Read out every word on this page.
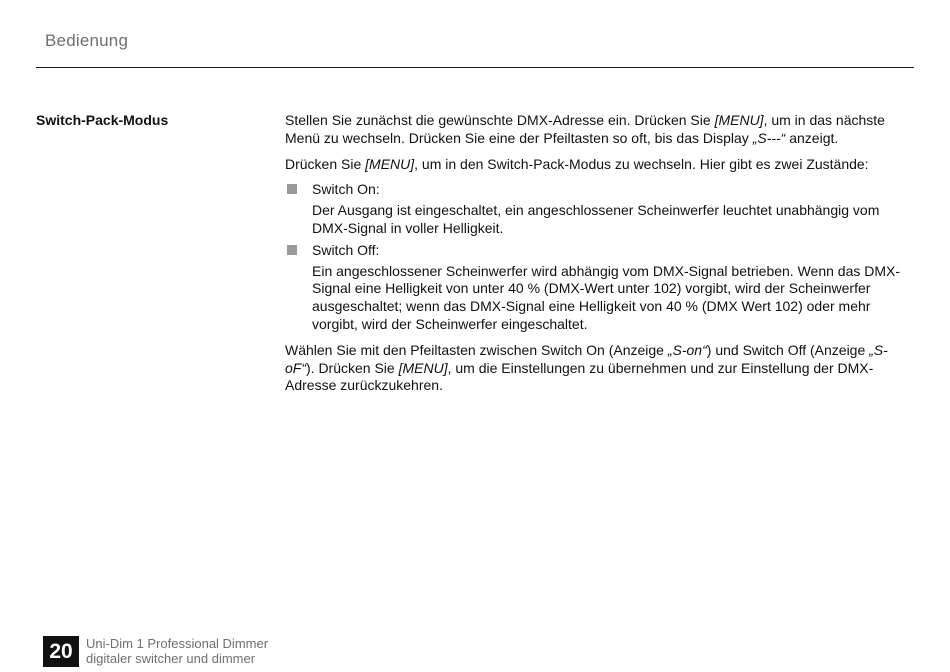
Bedienung
Switch-Pack-Modus	Stellen Sie zunächst die gewünschte DMX-Adresse ein. Drücken Sie [MENU], um in das nächste Menü zu wechseln. Drücken Sie eine der Pfeiltasten so oft, bis das Display „S---“ anzeigt.

Drücken Sie [MENU], um in den Switch-Pack-Modus zu wechseln. Hier gibt es zwei Zustände:

Switch On:
Der Ausgang ist eingeschaltet, ein angeschlossener Scheinwerfer leuchtet unabhängig vom DMX-Signal in voller Helligkeit.
Switch Off:
Ein angeschlossener Scheinwerfer wird abhängig vom DMX-Signal betrieben. Wenn das DMX-Signal eine Helligkeit von unter 40 % (DMX-Wert unter 102) vorgibt, wird der Scheinwerfer ausgeschaltet; wenn das DMX-Signal eine Helligkeit von 40 % (DMX Wert 102) oder mehr vorgibt, wird der Scheinwerfer eingeschaltet.

Wählen Sie mit den Pfeiltasten zwischen Switch On (Anzeige „S-on“) und Switch Off (Anzeige „S-oF“). Drücken Sie [MENU], um die Einstellungen zu übernehmen und zur Einstellung der DMX-Adresse zurückzukehren.

20	Uni-Dim 1 Professional Dimmer
digitaler switcher und dimmer
